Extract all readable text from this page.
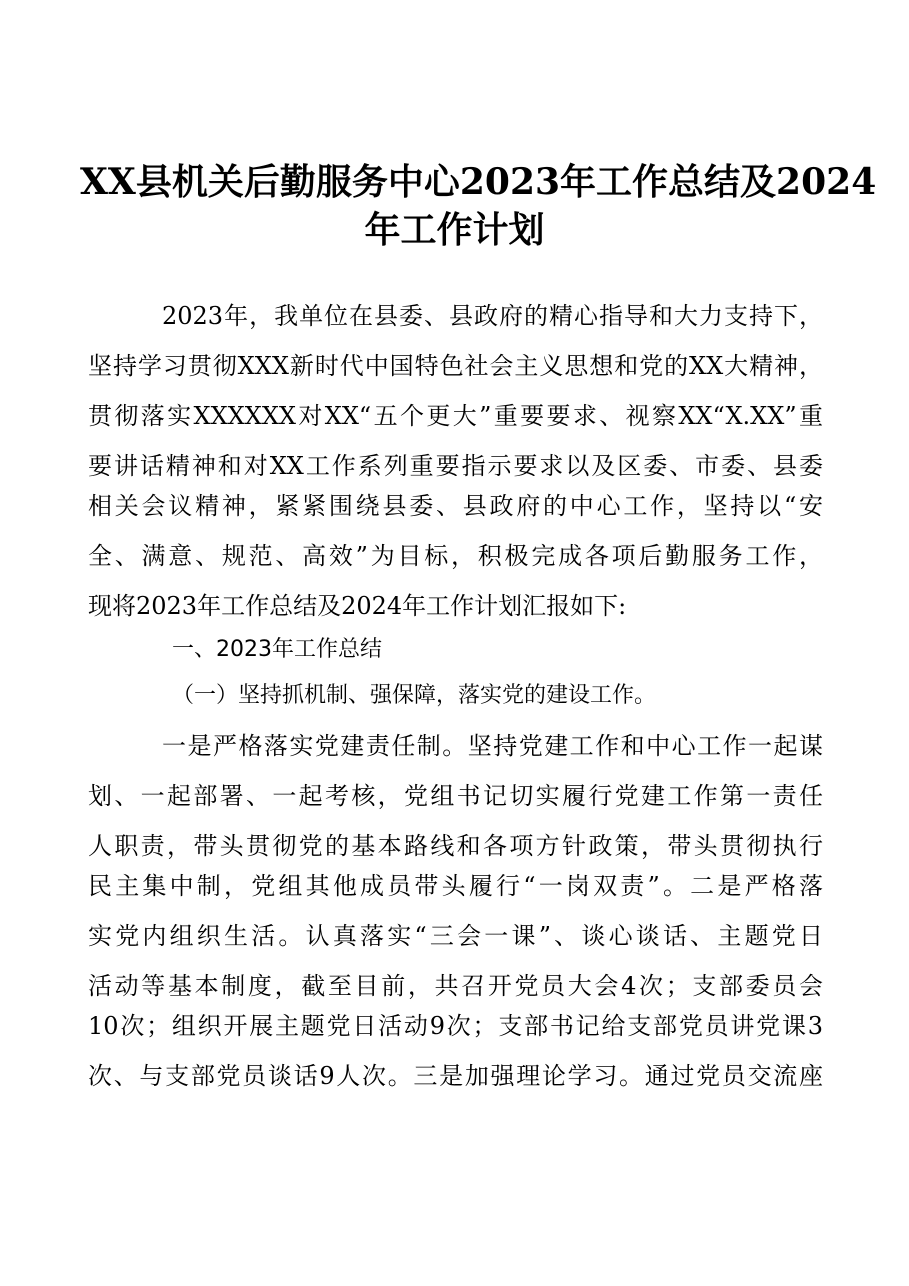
XX县机关后勤服务中心2023年工作总结及2024
年工作计划
2023年，我单位在县委、县政府的精心指导和大力支持下，
坚持学习贯彻XXX新时代中国特色社会主义思想和党的XX大精神，
贯彻落实XXXXXX对XX“五个更大”重要要求、视察XX“X.XX”重
要讲话精神和对XX工作系列重要指示要求以及区委、市委、县委
相关会议精神，紧紧围绕县委、县政府的中心工作，坚持以“安
全、满意、规范、高效”为目标，积极完成各项后勤服务工作，
现将2023年工作总结及2024年工作计划汇报如下:
一、2023年工作总结
（一）坚持抓机制、强保障，落实党的建设工作。
一是严格落实党建责任制。坚持党建工作和中心工作一起谋
划、一起部署、一起考核，党组书记切实履行党建工作第一责任
人职责，带头贯彻党的基本路线和各项方针政策，带头贯彻执行
民主集中制，党组其他成员带头履行“一岗双责”。二是严格落
实党内组织生活。认真落实“三会一课”、谈心谈话、主题党日
活动等基本制度，截至目前，共召开党员大会4次；支部委员会
10次；组织开展主题党日活动9次；支部书记给支部党员讲党课3
次、与支部党员谈话9人次。三是加强理论学习。通过党员交流座
